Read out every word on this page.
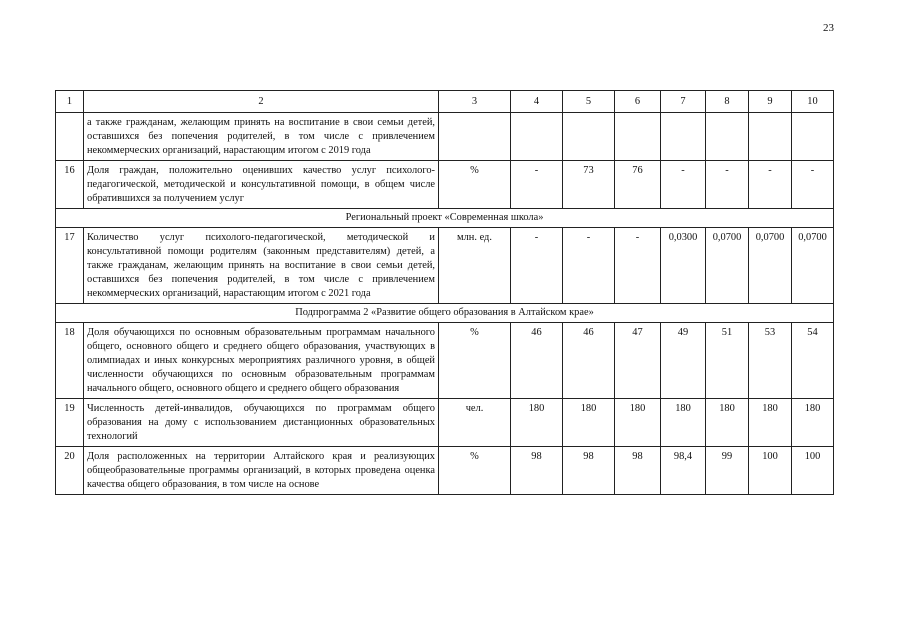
23
1	2	3	4	5	6	7	8	9	10
	а также гражданам, желающим принять на воспитание в свои семьи детей, оставшихся без попечения родителей, в том числе с привлечением некоммерческих организаций, нарастающим итогом с 2019 года								
16	Доля граждан, положительно оценивших качество услуг психолого-педагогической, методической и консультативной помощи, в общем числе обратившихся за получением услуг	%	-	73	76	-	-	-	-
Региональный проект «Современная школа»									
17	Количество услуг психолого-педагогической, методической и консультативной помощи родителям (законным представителям) детей, а также гражданам, желающим принять на воспитание в свои семьи детей, оставшихся без попечения родителей, в том числе с привлечением некоммерческих организаций, нарастающим итогом с 2021 года	млн. ед.	-	-	-	0,0300	0,0700	0,0700	0,0700
Подпрограмма 2 «Развитие общего образования в Алтайском крае»									
18	Доля обучающихся по основным образовательным программам начального общего, основного общего и среднего общего образования, участвующих в олимпиадах и иных конкурсных мероприятиях различного уровня, в общей численности обучающихся по основным образовательным программам начального общего, основного общего и среднего общего образования	%	46	46	47	49	51	53	54
19	Численность детей-инвалидов, обучающихся по программам общего образования на дому с использованием дистанционных образовательных технологий	чел.	180	180	180	180	180	180	180
20	Доля расположенных на территории Алтайского края и реализующих общеобразовательные программы организаций, в которых проведена оценка качества общего образования, в том числе на основе	%	98	98	98	98,4	99	100	100
